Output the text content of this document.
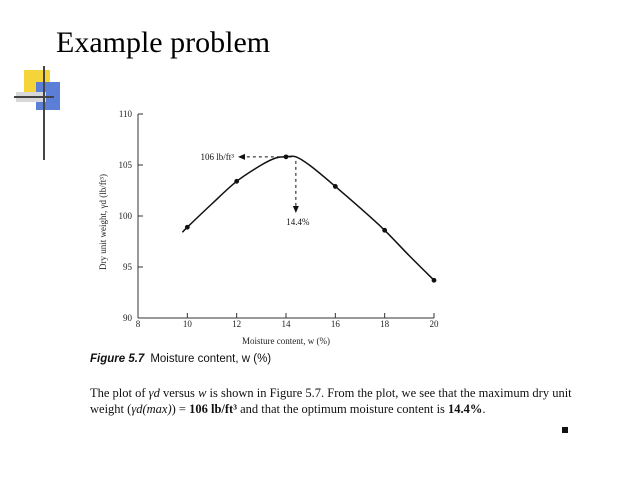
Example problem
8	10	12	14	16	18	20
90
95
100
105
110
106 lb/ft³
14.4%
Dry unit weight, γd (lb/ft³)
Moisture content, w (%)
Figure 5.7 Moisture content, w (%)
The plot of γd versus w is shown in Figure 5.7. From the plot, we see that the maximum dry unit weight (γd(max)) = 106 lb/ft³ and that the optimum moisture content is 14.4%.
